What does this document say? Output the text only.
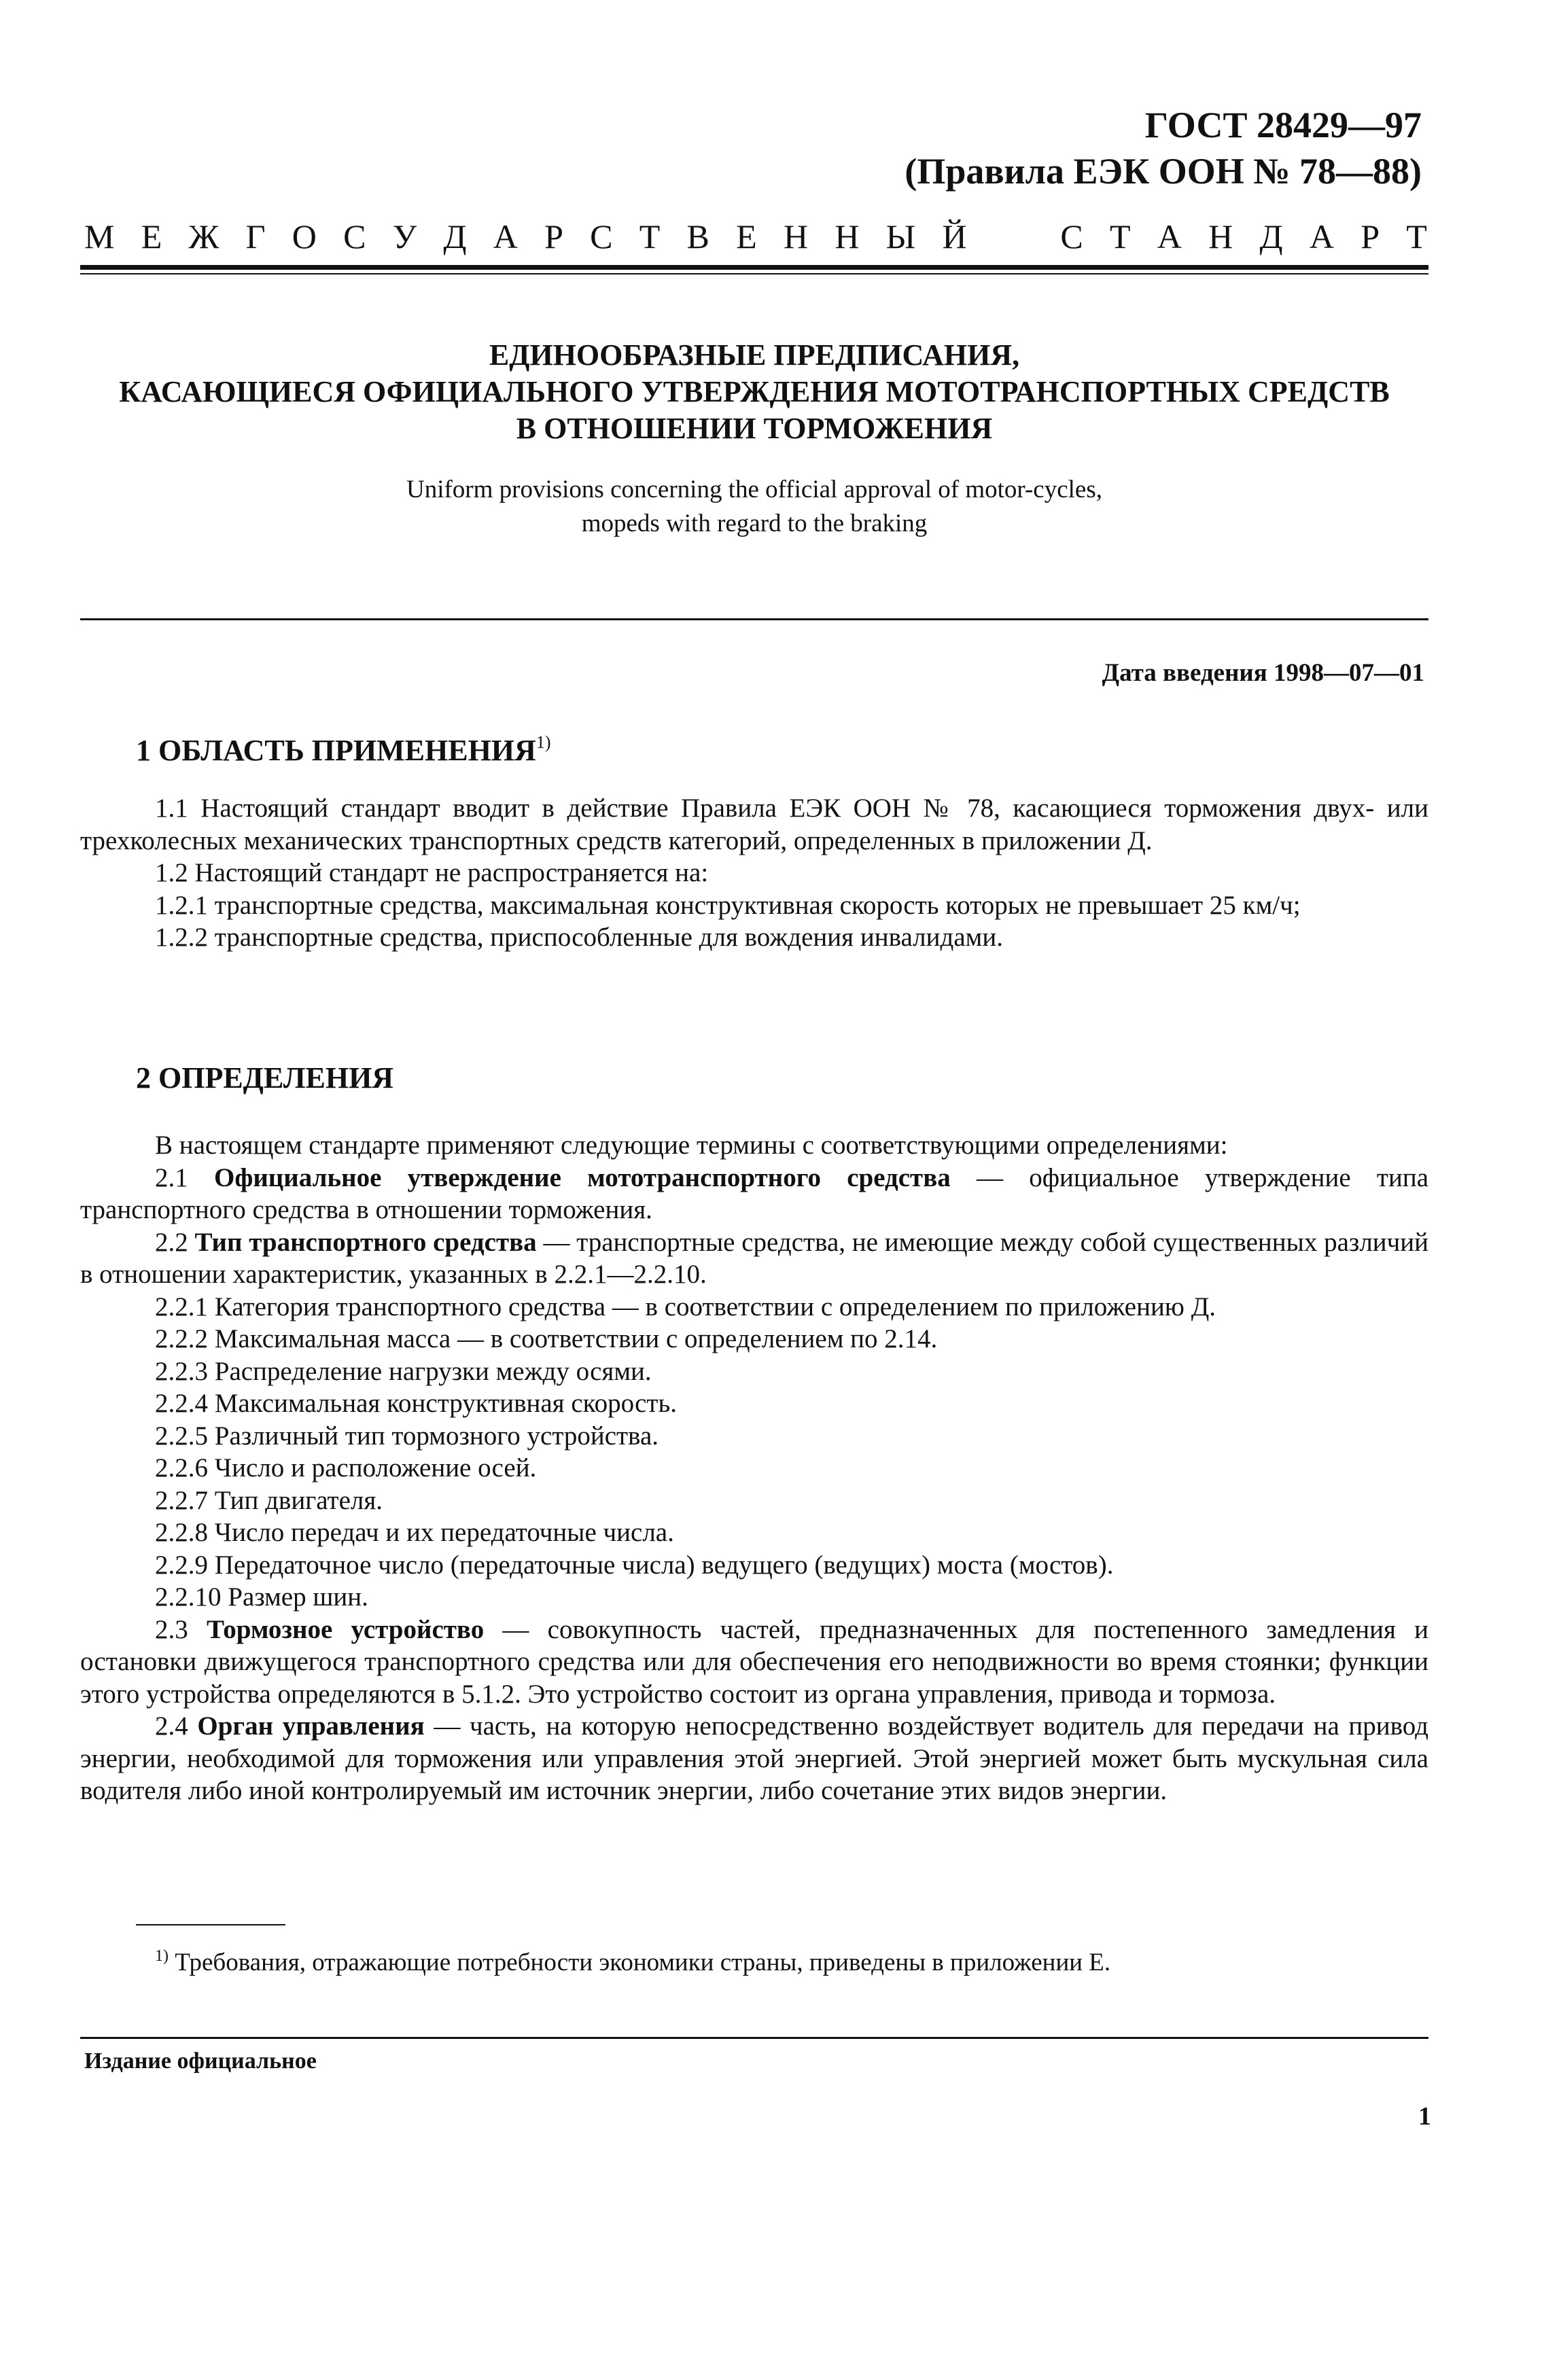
ГОСТ 28429—97
(Правила ЕЭК ООН № 78—88)
М Е Ж Г О С У Д А Р С Т В Е Н Н Ы Й	С Т А Н Д А Р Т
ЕДИНООБРАЗНЫЕ ПРЕДПИСАНИЯ,
КАСАЮЩИЕСЯ ОФИЦИАЛЬНОГО УТВЕРЖДЕНИЯ МОТОТРАНСПОРТНЫХ СРЕДСТВ
В ОТНОШЕНИИ ТОРМОЖЕНИЯ
Uniform provisions concerning the official approval of motor-cycles,
mopeds with regard to the braking
Дата введения 1998—07—01
1 ОБЛАСТЬ ПРИМЕНЕНИЯ$^{1)}$

1.1 Настоящий стандарт вводит в действие Правила ЕЭК ООН № 78, касающиеся торможения двух- или трехколесных механических транспортных средств категорий, определенных в приложении Д.

1.2 Настоящий стандарт не распространяется на:

1.2.1 транспортные средства, максимальная конструктивная скорость которых не превышает 25 км/ч;

1.2.2 транспортные средства, приспособленные для вождения инвалидами.

2 ОПРЕДЕЛЕНИЯ

В настоящем стандарте применяют следующие термины с соответствующими определениями:

2.1 Официальное утверждение мототранспортного средства — официальное утверждение типа транспортного средства в отношении торможения.

2.2 Тип транспортного средства — транспортные средства, не имеющие между собой существенных различий в отношении характеристик, указанных в 2.2.1—2.2.10.

2.2.1 Категория транспортного средства — в соответствии с определением по приложению Д.

2.2.2 Максимальная масса — в соответствии с определением по 2.14.

2.2.3 Распределение нагрузки между осями.

2.2.4 Максимальная конструктивная скорость.

2.2.5 Различный тип тормозного устройства.

2.2.6 Число и расположение осей.

2.2.7 Тип двигателя.

2.2.8 Число передач и их передаточные числа.

2.2.9 Передаточное число (передаточные числа) ведущего (ведущих) моста (мостов).

2.2.10 Размер шин.

2.3 Тормозное устройство — совокупность частей, предназначенных для постепенного замедления и остановки движущегося транспортного средства или для обеспечения его неподвижности во время стоянки; функции этого устройства определяются в 5.1.2. Это устройство состоит из органа управления, привода и тормоза.

2.4 Орган управления — часть, на которую непосредственно воздействует водитель для передачи на привод энергии, необходимой для торможения или управления этой энергией. Этой энергией может быть мускульная сила водителя либо иной контролируемый им источник энергии, либо сочетание этих видов энергии.

$^{1)}$ Требования, отражающие потребности экономики страны, приведены в приложении Е.
Издание официальное
1
